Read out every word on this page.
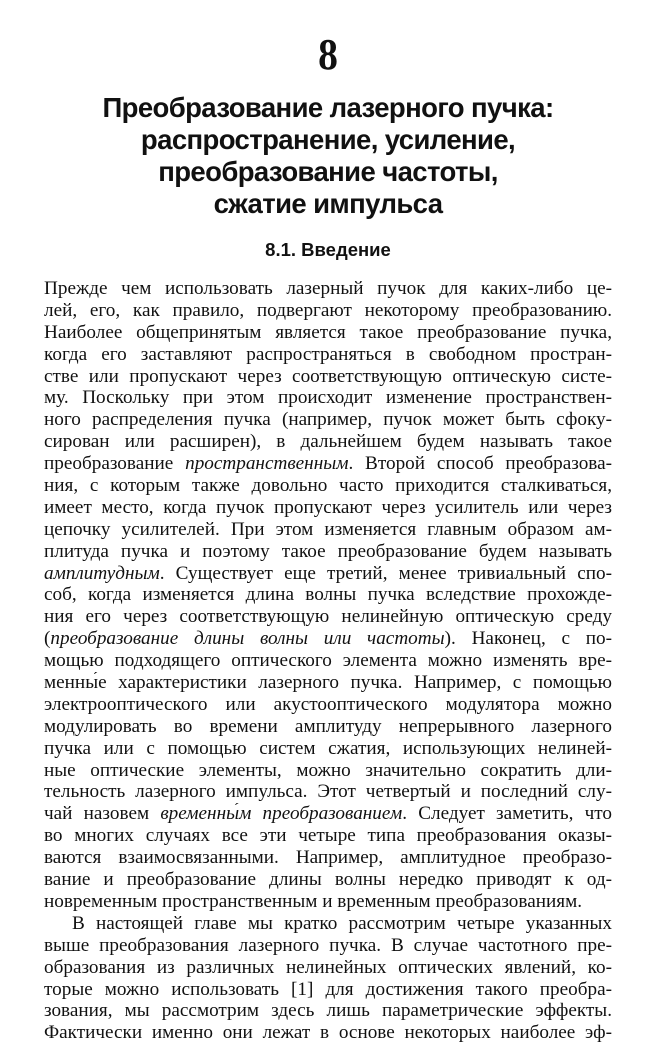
8
Преобразование лазерного пучка:
распространение, усиление,
преобразование частоты,
сжатие импульса
8.1. Введение
Прежде чем использовать лазерный пучок для каких-либо це-
лей, его, как правило, подвергают некоторому преобразованию.
Наиболее общепринятым является такое преобразование пучка,
когда его заставляют распространяться в свободном простран-
стве или пропускают через соответствующую оптическую систе-
му. Поскольку при этом происходит изменение пространствен-
ного распределения пучка (например, пучок может быть сфоку-
сирован или расширен), в дальнейшем будем называть такое
преобразование пространственным. Второй способ преобразова-
ния, с которым также довольно часто приходится сталкиваться,
имеет место, когда пучок пропускают через усилитель или через
цепочку усилителей. При этом изменяется главным образом ам-
плитуда пучка и поэтому такое преобразование будем называть
амплитудным. Существует еще третий, менее тривиальный спо-
соб, когда изменяется длина волны пучка вследствие прохожде-
ния его через соответствующую нелинейную оптическую среду
(преобразование длины волны или частоты). Наконец, с по-
мощью подходящего оптического элемента можно изменять вре-
менны́е характеристики лазерного пучка. Например, с помощью
электрооптического или акустооптического модулятора можно
модулировать во времени амплитуду непрерывного лазерного
пучка или с помощью систем сжатия, использующих нелиней-
ные оптические элементы, можно значительно сократить дли-
тельность лазерного импульса. Этот четвертый и последний слу-
чай назовем временны́м преобразованием. Следует заметить, что
во многих случаях все эти четыре типа преобразования оказы-
ваются взаимосвязанными. Например, амплитудное преобразо-
вание и преобразование длины волны нередко приводят к од-
новременным пространственным и временным преобразованиям.
В настоящей главе мы кратко рассмотрим четыре указанных
выше преобразования лазерного пучка. В случае частотного пре-
образования из различных нелинейных оптических явлений, ко-
торые можно использовать [1] для достижения такого преобра-
зования, мы рассмотрим здесь лишь параметрические эффекты.
Фактически именно они лежат в основе некоторых наиболее эф-
